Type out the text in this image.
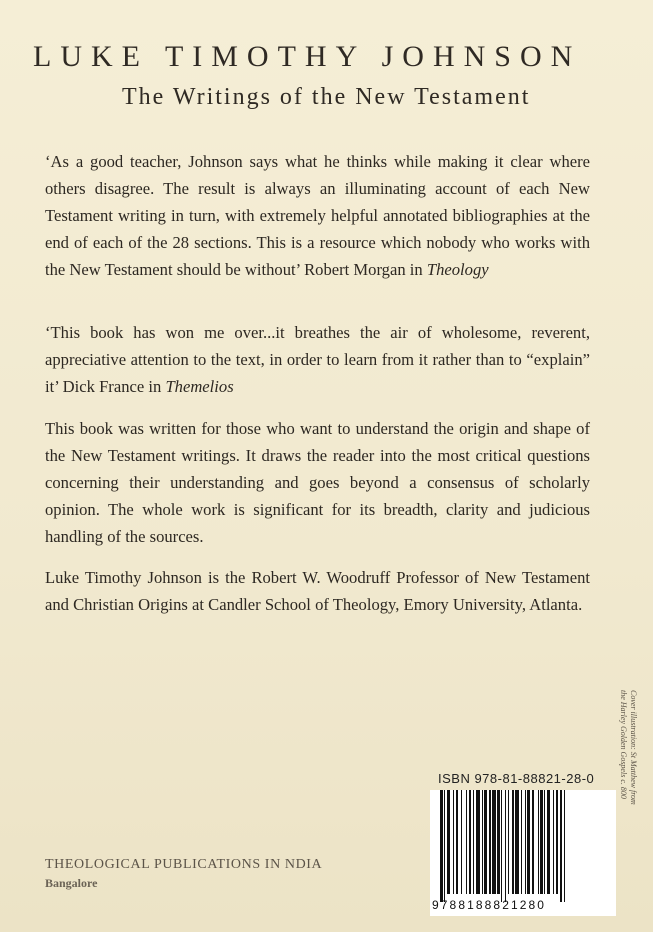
LUKE TIMOTHY JOHNSON
The Writings of the New Testament

‘As a good teacher, Johnson says what he thinks while making it clear where others disagree. The result is always an illuminating account of each New Testament writing in turn, with extremely helpful annotated bibliographies at the end of each of the 28 sections. This is a resource which nobody who works with the New Testament should be without’ Robert Morgan in Theology

‘This book has won me over...it breathes the air of wholesome, reverent, appreciative attention to the text, in order to learn from it rather than to “explain” it’ Dick France in Themelios

This book was written for those who want to understand the origin and shape of the New Testament writings. It draws the reader into the most critical questions concerning their understanding and goes beyond a consensus of scholarly opinion. The whole work is significant for its breadth, clarity and judicious handling of the sources.

Luke Timothy Johnson is the Robert W. Woodruff Professor of New Testament and Christian Origins at Candler School of Theology, Emory University, Atlanta.

Cover illustration: St Matthew from
the Harley Golden Gospels c. 800
ISBN 978-81-88821-28-0
9788188821280
THEOLOGICAL PUBLICATIONS IN NDIA
Bangalore
